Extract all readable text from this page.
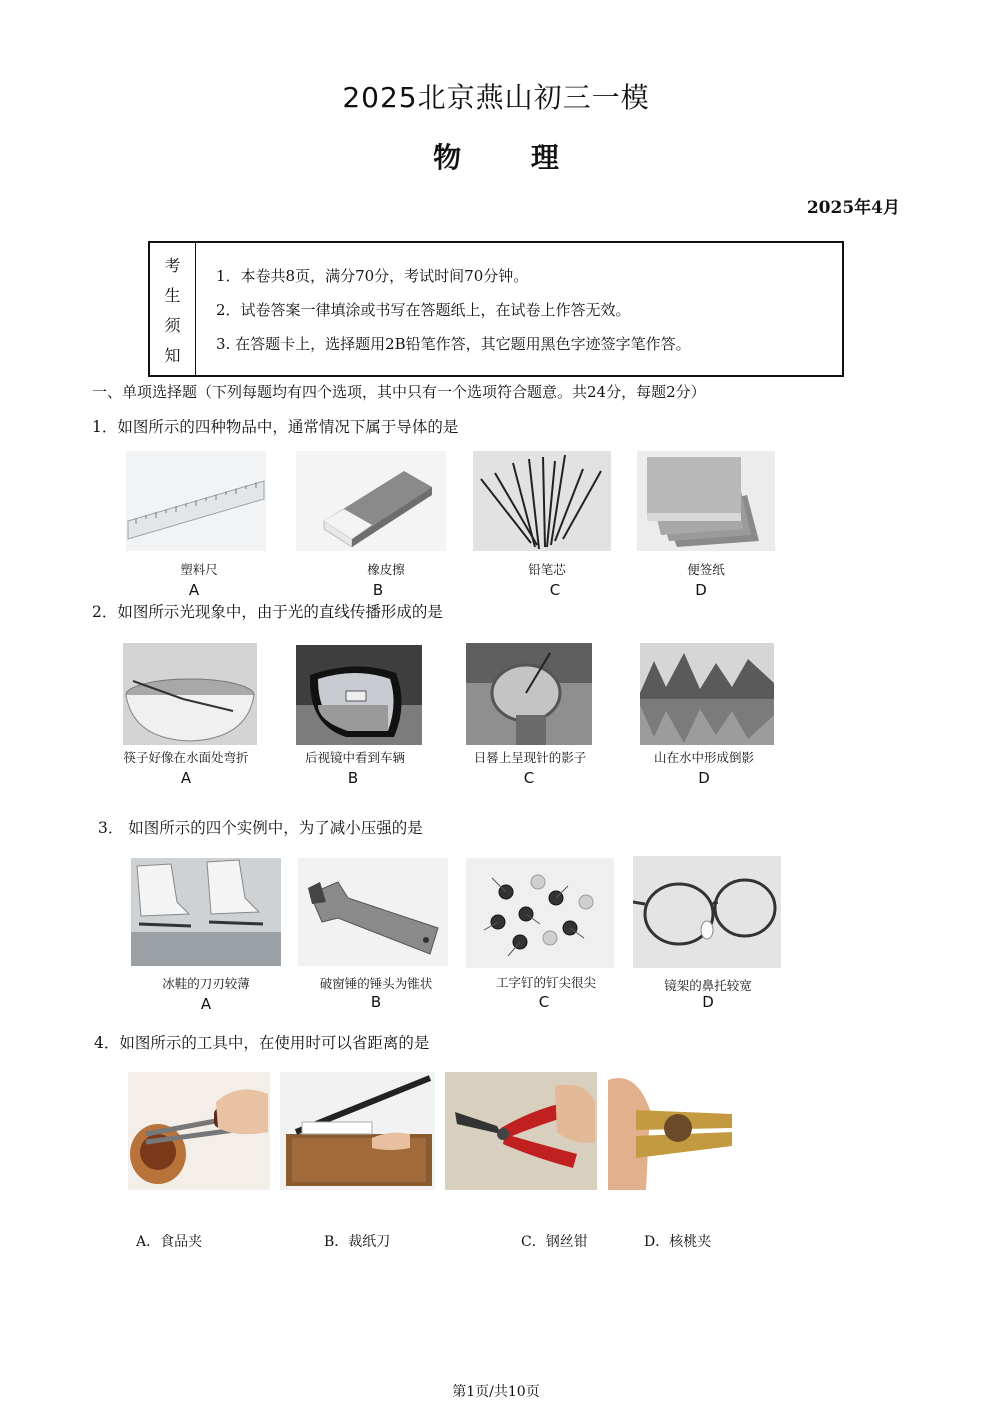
2025北京燕山初三一模
物 理
2025年4月
考
生
须
知
1．本卷共8页，满分70分，考试时间70分钟。
2．试卷答案一律填涂或书写在答题纸上，在试卷上作答无效。
3. 在答题卡上，选择题用2B铅笔作答，其它题用黑色字迹签字笔作答。
一、单项选择题（下列每题均有四个选项，其中只有一个选项符合题意。共24分，每题2分）
1．如图所示的四种物品中，通常情况下属于导体的是
塑料尺	橡皮擦	铅笔芯	便签纸
A	B	C	D
2．如图所示光现象中，由于光的直线传播形成的是
筷子好像在水面处弯折	后视镜中看到车辆	日晷上呈现针的影子	山在水中形成倒影
A	B	C	D
3． 如图所示的四个实例中，为了减小压强的是
冰鞋的刀刃较薄	破窗锤的锤头为锥状	工字钉的钉尖很尖	镜架的鼻托较宽
A	B	C	D
4．如图所示的工具中，在使用时可以省距离的是
A．食品夹	B．裁纸刀	C．钢丝钳	D．核桃夹
第1页/共10页
